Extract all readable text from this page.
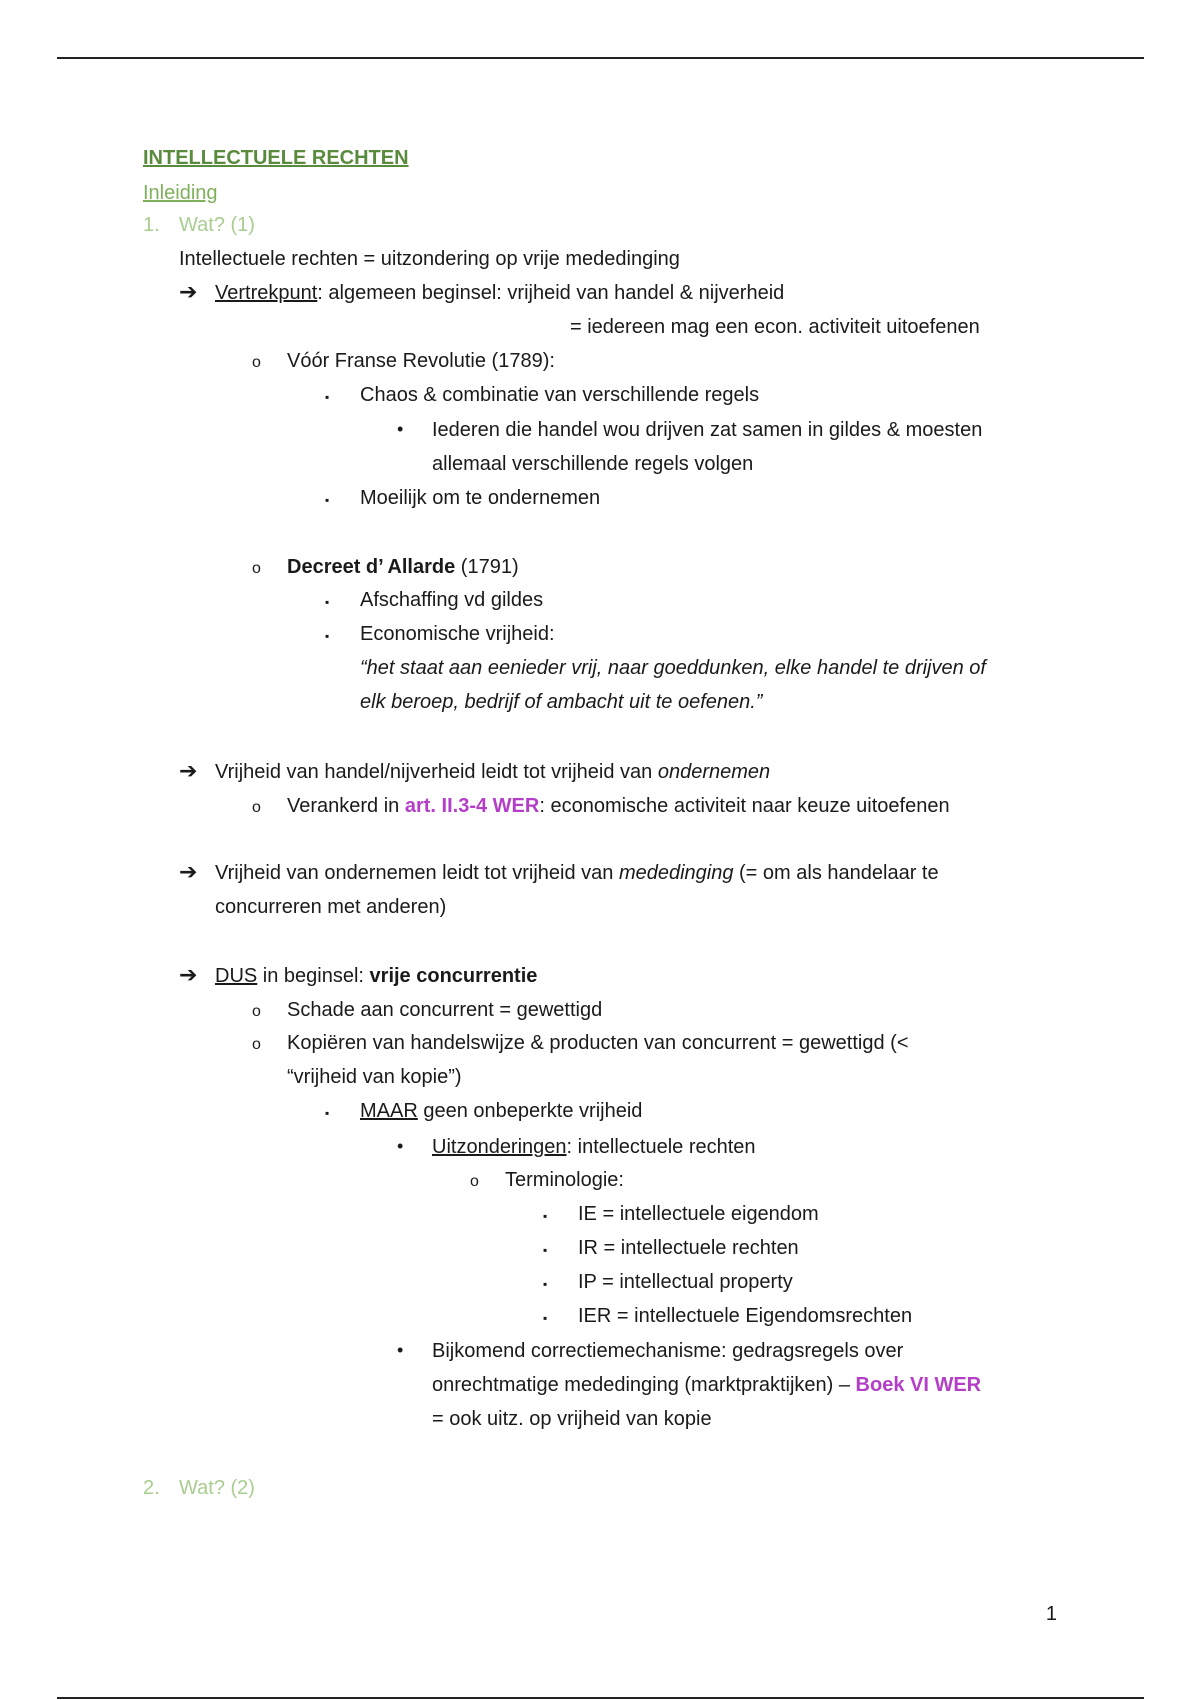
INTELLECTUELE RECHTEN
Inleiding
1. Wat? (1)
Intellectuele rechten = uitzondering op vrije mededinging
➔ Vertrekpunt: algemeen beginsel: vrijheid van handel & nijverheid
= iedereen mag een econ. activiteit uitoefenen
o Vóór Franse Revolutie (1789):
▪ Chaos & combinatie van verschillende regels
• Iederen die handel wou drijven zat samen in gildes & moesten
allemaal verschillende regels volgen
▪ Moeilijk om te ondernemen
o Decreet d’ Allarde (1791)
▪ Afschaffing vd gildes
▪ Economische vrijheid:
“het staat aan eenieder vrij, naar goeddunken, elke handel te drijven of
elk beroep, bedrijf of ambacht uit te oefenen.”
➔ Vrijheid van handel/nijverheid leidt tot vrijheid van ondernemen
o Verankerd in art. II.3-4 WER: economische activiteit naar keuze uitoefenen
➔ Vrijheid van ondernemen leidt tot vrijheid van mededinging (= om als handelaar te
concurreren met anderen)
➔ DUS in beginsel: vrije concurrentie
o Schade aan concurrent = gewettigd
o Kopiëren van handelswijze & producten van concurrent = gewettigd (<
“vrijheid van kopie”)
▪ MAAR geen onbeperkte vrijheid
• Uitzonderingen: intellectuele rechten
o Terminologie:
▪ IE = intellectuele eigendom
▪ IR = intellectuele rechten
▪ IP = intellectual property
▪ IER = intellectuele Eigendomsrechten
• Bijkomend correctiemechanisme: gedragsregels over
onrechtmatige mededinging (marktpraktijken) – Boek VI WER
= ook uitz. op vrijheid van kopie
2. Wat? (2)
1
